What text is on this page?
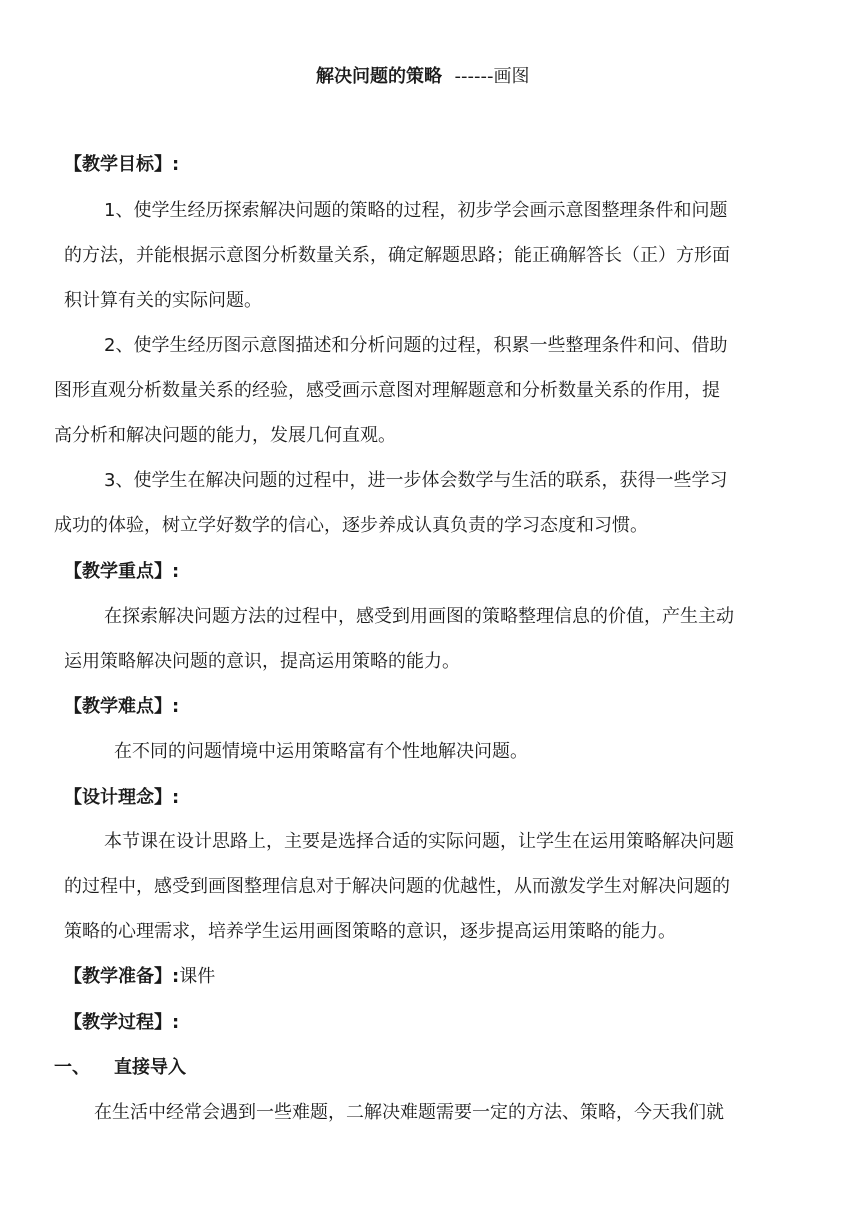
解决问题的策略 ------画图
【教学目标】:
1、使学生经历探索解决问题的策略的过程，初步学会画示意图整理条件和问题
的方法，并能根据示意图分析数量关系，确定解题思路；能正确解答长（正）方形面
积计算有关的实际问题。
2、使学生经历图示意图描述和分析问题的过程，积累一些整理条件和问、借助
图形直观分析数量关系的经验，感受画示意图对理解题意和分析数量关系的作用，提
高分析和解决问题的能力，发展几何直观。
3、使学生在解决问题的过程中，进一步体会数学与生活的联系，获得一些学习
成功的体验，树立学好数学的信心，逐步养成认真负责的学习态度和习惯。
【教学重点】:
在探索解决问题方法的过程中，感受到用画图的策略整理信息的价值，产生主动
运用策略解决问题的意识，提高运用策略的能力。
【教学难点】:
在不同的问题情境中运用策略富有个性地解决问题。
【设计理念】:
本节课在设计思路上，主要是选择合适的实际问题，让学生在运用策略解决问题
的过程中，感受到画图整理信息对于解决问题的优越性，从而激发学生对解决问题的
策略的心理需求，培养学生运用画图策略的意识，逐步提高运用策略的能力。
【教学准备】:课件
【教学过程】:
一、 直接导入
在生活中经常会遇到一些难题，二解决难题需要一定的方法、策略，今天我们就
